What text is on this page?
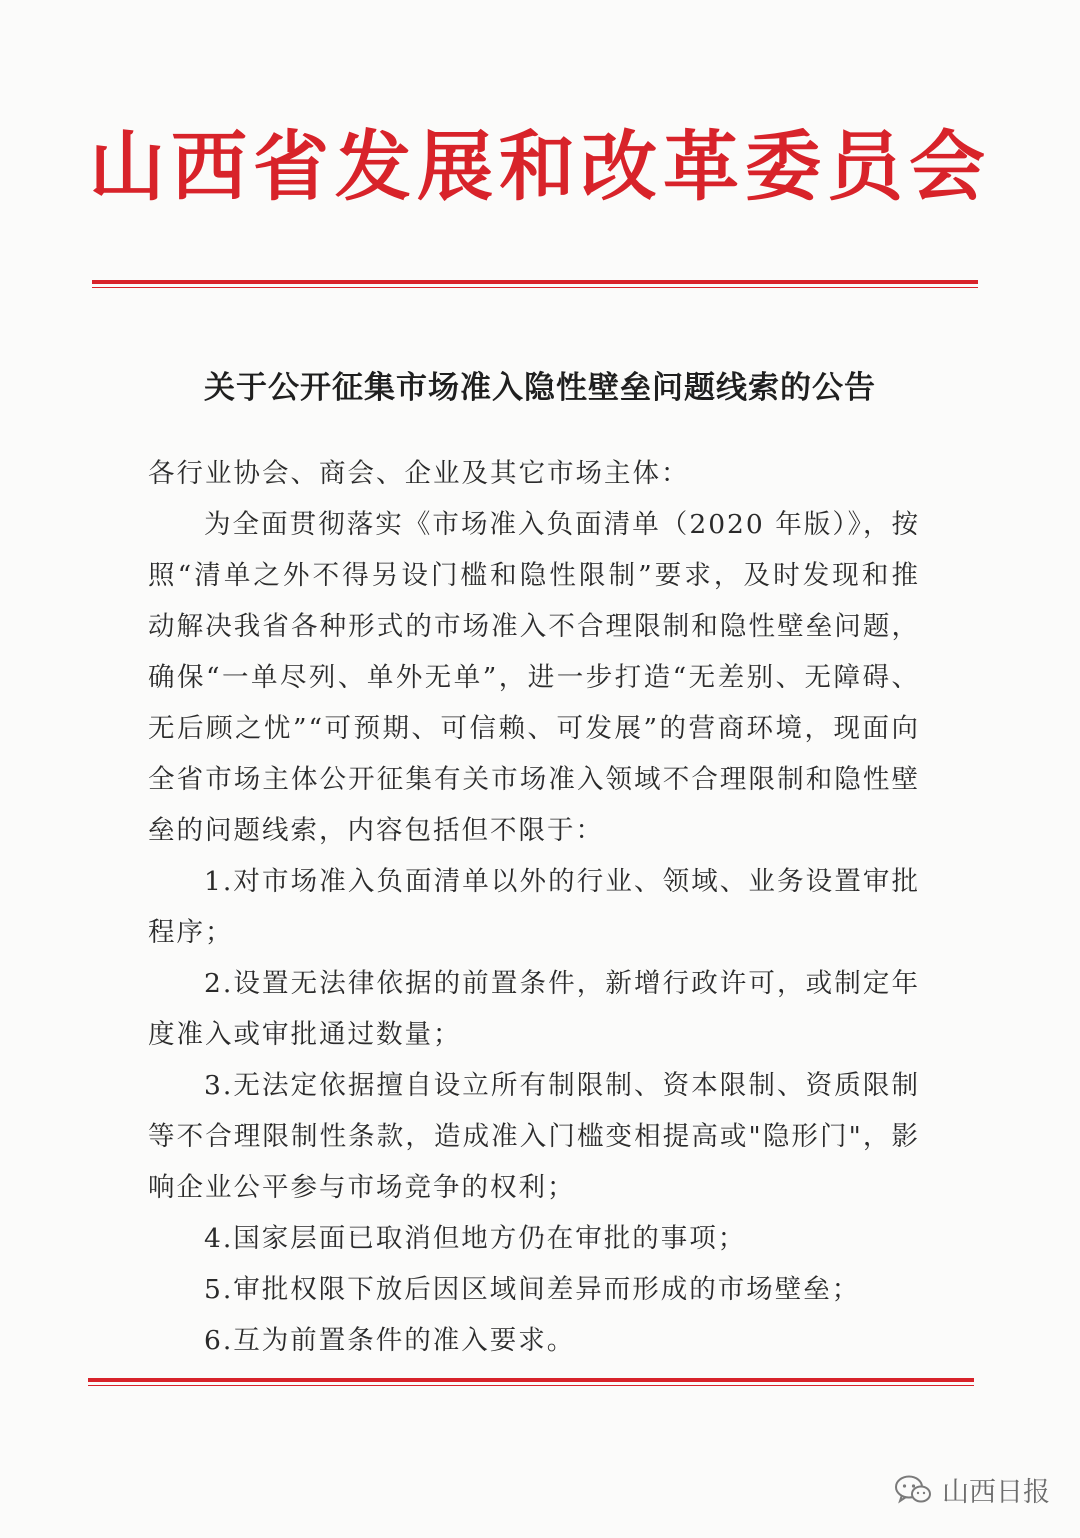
山西省发展和改革委员会
关于公开征集市场准入隐性壁垒问题线索的公告

各行业协会、商会、企业及其它市场主体：

为全面贯彻落实《市场准入负面清单（2020 年版）》，按照“清单之外不得另设门槛和隐性限制”要求，及时发现和推动解决我省各种形式的市场准入不合理限制和隐性壁垒问题，确保“一单尽列、单外无单”，进一步打造“无差别、无障碍、无后顾之忧”“可预期、可信赖、可发展”的营商环境，现面向全省市场主体公开征集有关市场准入领域不合理限制和隐性壁垒的问题线索，内容包括但不限于：

1.对市场准入负面清单以外的行业、领域、业务设置审批程序；

2.设置无法律依据的前置条件，新增行政许可，或制定年度准入或审批通过数量；

3.无法定依据擅自设立所有制限制、资本限制、资质限制等不合理限制性条款，造成准入门槛变相提高或"隐形门"，影响企业公平参与市场竞争的权利；

4.国家层面已取消但地方仍在审批的事项；

5.审批权限下放后因区域间差异而形成的市场壁垒；

6.互为前置条件的准入要求。

山西日报
